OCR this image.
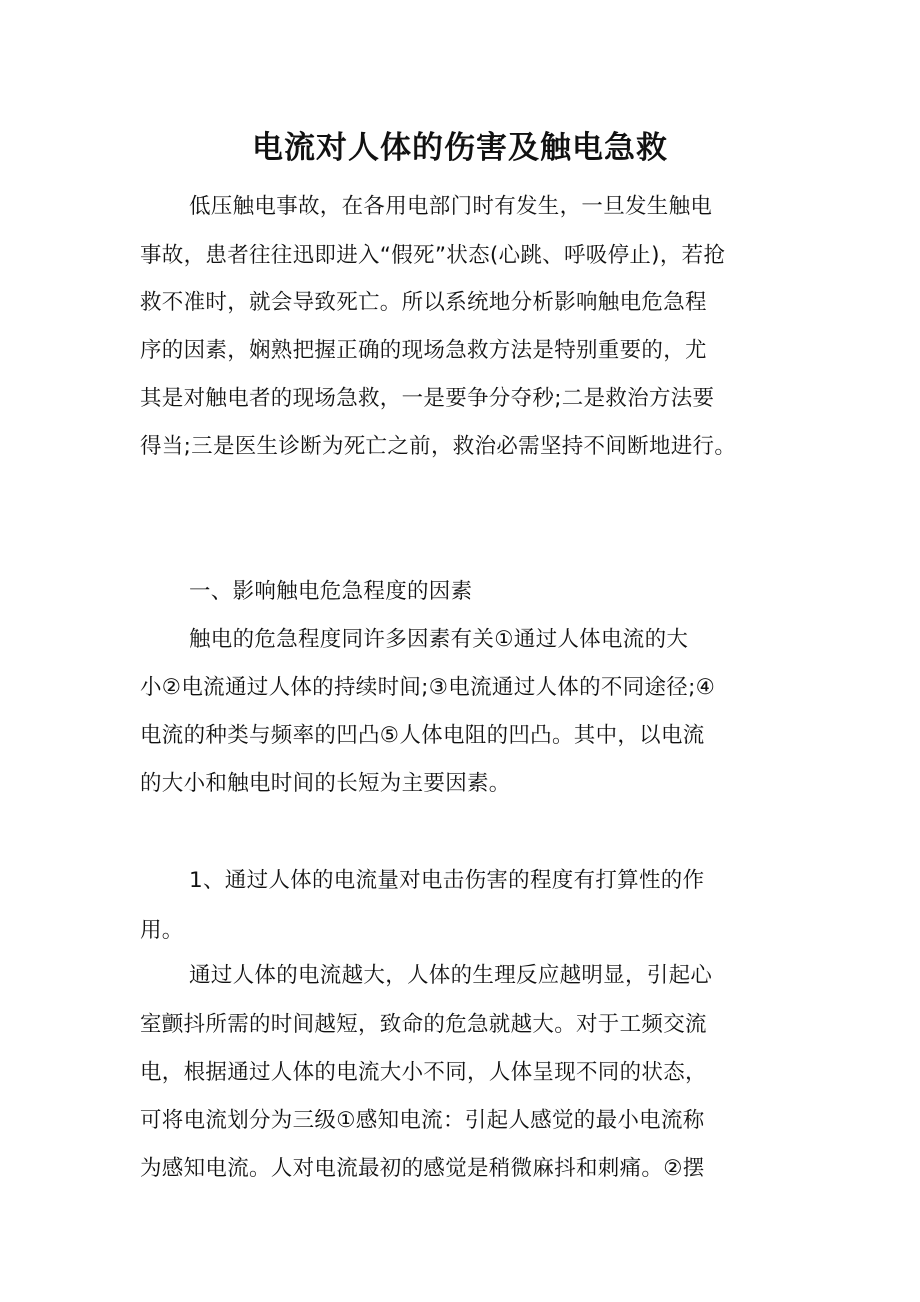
电流对人体的伤害及触电急救
低压触电事故，在各用电部门时有发生，一旦发生触电
事故，患者往往迅即进入“假死”状态(心跳、呼吸停止)，若抢
救不准时，就会导致死亡。所以系统地分析影响触电危急程
序的因素，娴熟把握正确的现场急救方法是特别重要的，尤
其是对触电者的现场急救，一是要争分夺秒;二是救治方法要
得当;三是医生诊断为死亡之前，救治必需坚持不间断地进行。
一、影响触电危急程度的因素
触电的危急程度同许多因素有关①通过人体电流的大
小②电流通过人体的持续时间;③电流通过人体的不同途径;④
电流的种类与频率的凹凸⑤人体电阻的凹凸。其中，以电流
的大小和触电时间的长短为主要因素。
1、通过人体的电流量对电击伤害的程度有打算性的作
用。
通过人体的电流越大，人体的生理反应越明显，引起心
室颤抖所需的时间越短，致命的危急就越大。对于工频交流
电，根据通过人体的电流大小不同，人体呈现不同的状态，
可将电流划分为三级①感知电流：引起人感觉的最小电流称
为感知电流。人对电流最初的感觉是稍微麻抖和刺痛。②摆
